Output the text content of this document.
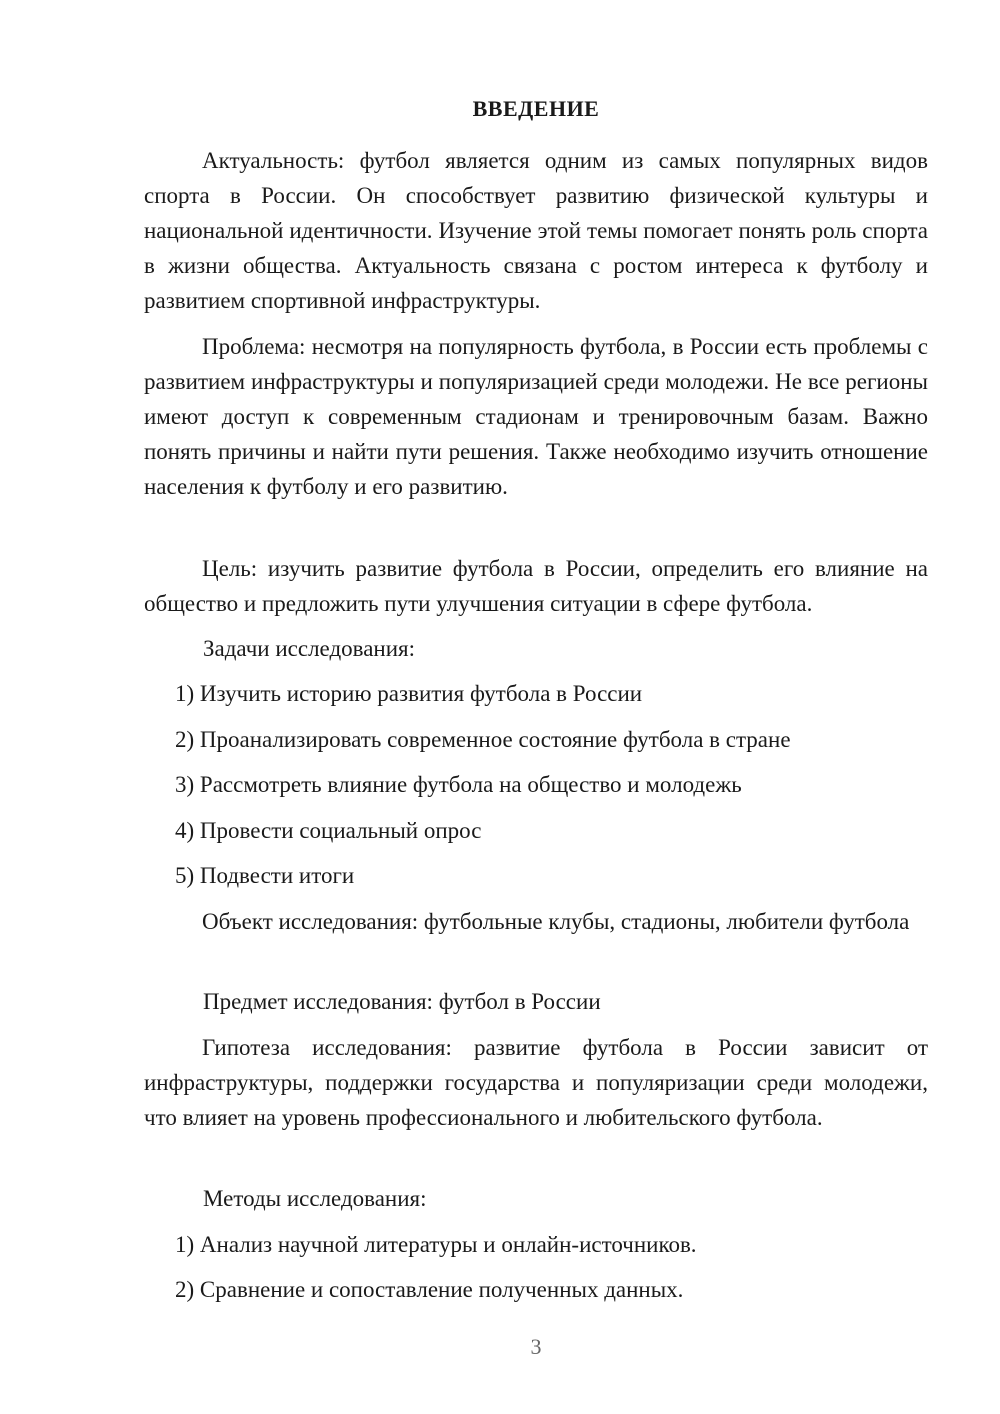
ВВЕДЕНИЕ

Актуальность: футбол является одним из самых популярных видов спорта в России. Он способствует развитию физической культуры и национальной идентичности. Изучение этой темы помогает понять роль спорта в жизни общества. Актуальность связана с ростом интереса к футболу и развитием спортивной инфраструктуры.

Проблема: несмотря на популярность футбола, в России есть проблемы с развитием инфраструктуры и популяризацией среди молодежи. Не все регионы имеют доступ к современным стадионам и тренировочным базам. Важно понять причины и найти пути решения. Также необходимо изучить отношение населения к футболу и его развитию.

Цель: изучить развитие футбола в России, определить его влияние на общество и предложить пути улучшения ситуации в сфере футбола.

Задачи исследования:
1) Изучить историю развития футбола в России
2) Проанализировать современное состояние футбола в стране
3) Рассмотреть влияние футбола на общество и молодежь
4) Провести социальный опрос
5) Подвести итоги

Объект исследования: футбольные клубы, стадионы, любители футбола

Предмет исследования: футбол в России

Гипотеза исследования: развитие футбола в России зависит от инфраструктуры, поддержки государства и популяризации среди молодежи, что влияет на уровень профессионального и любительского футбола.

Методы исследования:
1) Анализ научной литературы и онлайн-источников.
2) Сравнение и сопоставление полученных данных.
3
